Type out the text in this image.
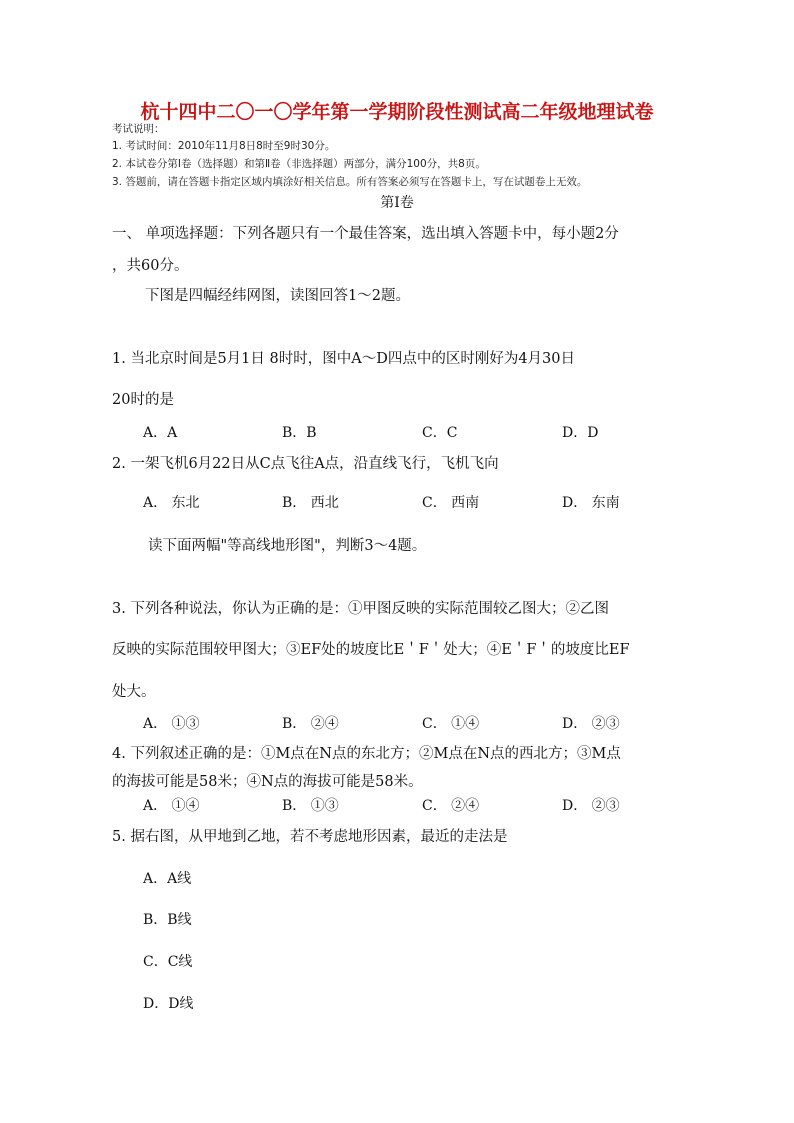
杭十四中二〇一〇学年第一学期阶段性测试高二年级地理试卷
考试说明：
1. 考试时间：2010年11月8日8时至9时30分。
2. 本试卷分第Ⅰ卷（选择题）和第Ⅱ卷（非选择题）两部分，满分100分，共8页。
3. 答题前，请在答题卡指定区域内填涂好相关信息。所有答案必须写在答题卡上，写在试题卷上无效。
第Ⅰ卷
一、 单项选择题：下列各题只有一个最佳答案，选出填入答题卡中，每小题2分
，共60分。
下图是四幅经纬网图，读图回答1～2题。
1. 当北京时间是5月1日 8时时，图中A～D四点中的区时刚好为4月30日
20时的是
A．A	B．B	C．C	D．D
2. 一架飞机6月22日从C点飞往A点，沿直线飞行，飞机飞向
A． 东北	B． 西北	C． 西南	D． 东南
读下面两幅"等高线地形图"，判断3～4题。
3. 下列各种说法，你认为正确的是：①甲图反映的实际范围较乙图大；②乙图
反映的实际范围较甲图大；③EF处的坡度比E＇F＇处大；④E＇F＇的坡度比EF
处大。
A． ①③	B． ②④	C． ①④	D． ②③
4. 下列叙述正确的是：①M点在N点的东北方；②M点在N点的西北方；③M点
的海拔可能是58米；④N点的海拔可能是58米。
A． ①④	B． ①③	C． ②④	D． ②③
5. 据右图，从甲地到乙地，若不考虑地形因素，最近的走法是
A．A线
B．B线
C．C线
D．D线
